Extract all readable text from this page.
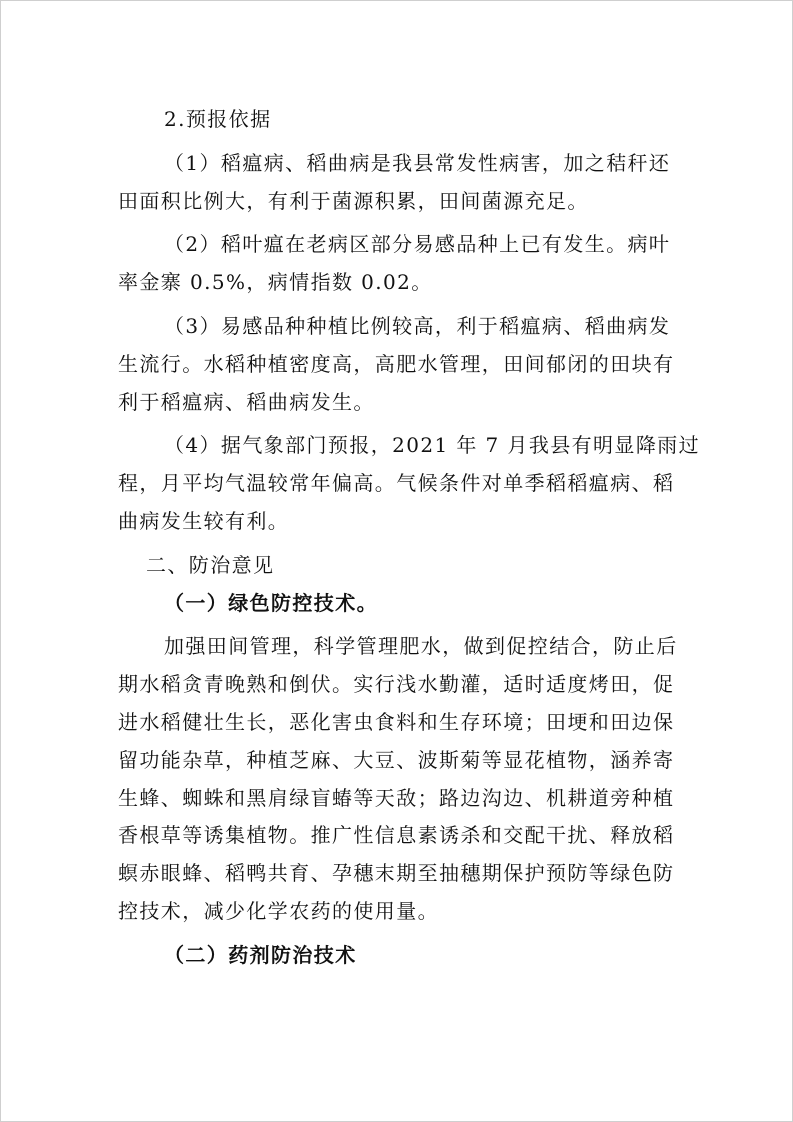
2.预报依据
（1）稻瘟病、稻曲病是我县常发性病害，加之秸秆还
田面积比例大，有利于菌源积累，田间菌源充足。
（2）稻叶瘟在老病区部分易感品种上已有发生。病叶
率金寨 0.5%，病情指数 0.02。
（3）易感品种种植比例较高，利于稻瘟病、稻曲病发
生流行。水稻种植密度高，高肥水管理，田间郁闭的田块有
利于稻瘟病、稻曲病发生。
（4）据气象部门预报，2021 年 7 月我县有明显降雨过
程，月平均气温较常年偏高。气候条件对单季稻稻瘟病、稻
曲病发生较有利。
二、防治意见
（一）绿色防控技术。
加强田间管理，科学管理肥水，做到促控结合，防止后
期水稻贪青晚熟和倒伏。实行浅水勤灌，适时适度烤田，促
进水稻健壮生长，恶化害虫食料和生存环境；田埂和田边保
留功能杂草，种植芝麻、大豆、波斯菊等显花植物，涵养寄
生蜂、蜘蛛和黑肩绿盲蝽等天敌；路边沟边、机耕道旁种植
香根草等诱集植物。推广性信息素诱杀和交配干扰、释放稻
螟赤眼蜂、稻鸭共育、孕穗末期至抽穗期保护预防等绿色防
控技术，减少化学农药的使用量。
（二）药剂防治技术
